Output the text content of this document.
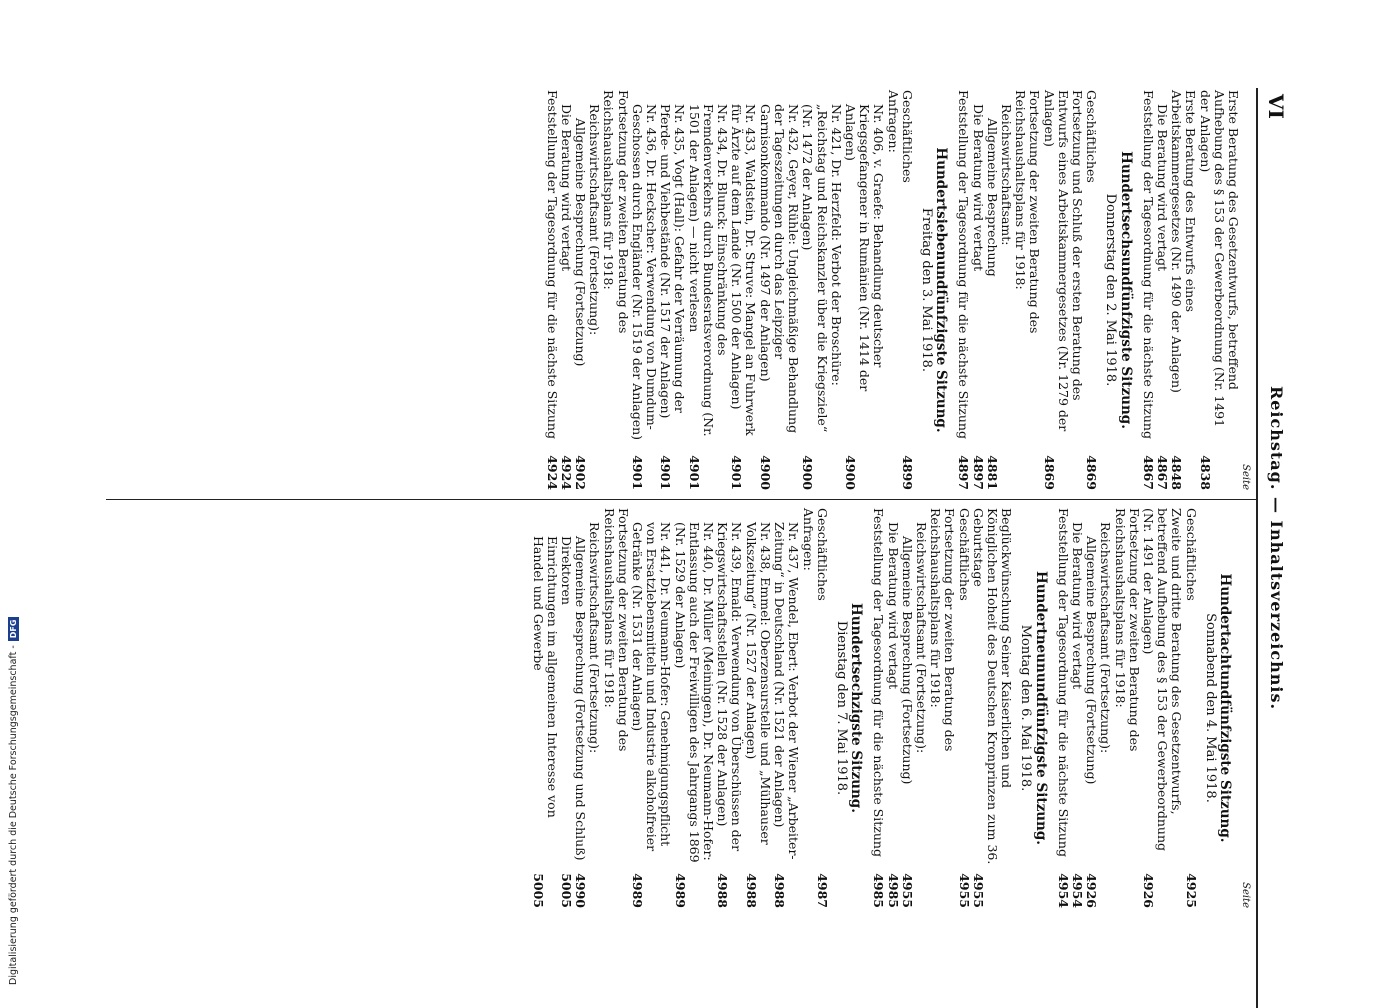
VI
Reichstag. — Inhaltsverzeichnis.
Seite
Erste Beratung des Gesetzentwurfs, betreffend Aufhebung des § 153 der Gewerbeordnung (Nr. 1491 der Anlagen)
4838
Erste Beratung des Entwurfs eines Arbeitskammergesetzes (Nr. 1490 der Anlagen)
4848
Die Beratung wird vertagt
4867
Feststellung der Tagesordnung für die nächste Sitzung
4867
Hundertsechsundfünfzigste Sitzung.
Donnerstag den 2. Mai 1918.
Geschäftliches
4869
Fortsetzung und Schluß der ersten Beratung des Entwurfs eines Arbeitskammergesetzes (Nr. 1279 der Anlagen)
4869
Fortsetzung der zweiten Beratung des Reichshaushaltsplans für 1918:
Reichswirtschaftsamt:
Allgemeine Besprechung
4881
Die Beratung wird vertagt
4897
Feststellung der Tagesordnung für die nächste Sitzung
4897
Hundertsiebenundfünfzigste Sitzung.
Freitag den 3. Mai 1918.
Geschäftliches
4899
Anfragen:
Nr. 406, v. Graefe: Behandlung deutscher Kriegsgefangener in Rumänien (Nr. 1414 der Anlagen)
4900
Nr. 421, Dr. Herzfeld: Verbot der Broschüre: „Reichstag und Reichskanzler über die Kriegsziele“ (Nr. 1472 der Anlagen)
4900
Nr. 432, Geyer, Rühle: Ungleichmäßige Behandlung der Tageszeitungen durch das Leipziger Garnisonkommando (Nr. 1497 der Anlagen)
4900
Nr. 433, Waldstein, Dr. Struve: Mangel an Fuhrwerk für Ärzte auf dem Lande (Nr. 1500 der Anlagen)
4901
Nr. 434, Dr. Blunck: Einschränkung des Fremdenverkehrs durch Bundesratsverordnung (Nr. 1501 der Anlagen) — nicht verlesen
4901
Nr. 435, Vogt (Hall): Gefahr der Verräumung der Pferde- und Viehbestände (Nr. 1517 der Anlagen)
4901
Nr. 436, Dr. Heckscher: Verwendung von Dumdum-Geschossen durch Engländer (Nr. 1519 der Anlagen)
4901
Fortsetzung der zweiten Beratung des Reichshaushaltsplans für 1918:
Reichswirtschaftsamt (Fortsetzung):
Allgemeine Besprechung (Fortsetzung)
4902
Die Beratung wird vertagt
4924
Feststellung der Tagesordnung für die nächste Sitzung
4924
Seite
Hundertachtundfünfzigste Sitzung.
Sonnabend den 4. Mai 1918.
Geschäftliches
4925
Zweite und dritte Beratung des Gesetzentwurfs, betreffend Aufhebung des § 153 der Gewerbeordnung (Nr. 1491 der Anlagen)
4926
Fortsetzung der zweiten Beratung des Reichshaushaltsplans für 1918:
Reichswirtschaftsamt (Fortsetzung):
Allgemeine Besprechung (Fortsetzung)
4926
Die Beratung wird vertagt
4954
Feststellung der Tagesordnung für die nächste Sitzung
4954
Hundertneunundfünfzigste Sitzung.
Montag den 6. Mai 1918.
Beglückwünschung Seiner Kaiserlichen und Königlichen Hoheit des Deutschen Kronprinzen zum 36. Geburtstage
4955
Geschäftliches
4955
Fortsetzung der zweiten Beratung des Reichshaushaltsplans für 1918:
Reichswirtschaftsamt (Fortsetzung):
Allgemeine Besprechung (Fortsetzung)
4955
Die Beratung wird vertagt
4985
Feststellung der Tagesordnung für die nächste Sitzung
4985
Hundertsechzigste Sitzung.
Dienstag den 7. Mai 1918.
Geschäftliches
4987
Anfragen:
Nr. 437, Wendel, Ebert: Verbot der Wiener „Arbeiter-Zeitung“ in Deutschland (Nr. 1521 der Anlagen)
4988
Nr. 438, Emmel: Oberzensurstelle und „Mülhauser Volkszeitung“ (Nr. 1527 der Anlagen)
4988
Nr. 439, Emald: Verwendung von Überschüssen der Kriegswirtschaftsstellen (Nr. 1528 der Anlagen)
4988
Nr. 440, Dr. Müller (Meiningen), Dr. Neumann-Hofer: Entlassung auch der Freiwilligen des Jahrgangs 1869 (Nr. 1529 der Anlagen)
4989
Nr. 441, Dr. Neumann-Hofer: Genehmigungspflicht von Ersatzlebensmitteln und Industrie alkoholfreier Getränke (Nr. 1531 der Anlagen)
4989
Fortsetzung der zweiten Beratung des Reichshaushaltsplans für 1918:
Reichswirtschaftsamt (Fortsetzung):
Allgemeine Besprechung (Fortsetzung und Schluß)
4990
Direktoren
5005
Einrichtungen im allgemeinen Interesse von Handel und Gewerbe
5005
Digitalisierung gefördert durch die Deutsche Forschungsgemeinschaft -DFG
